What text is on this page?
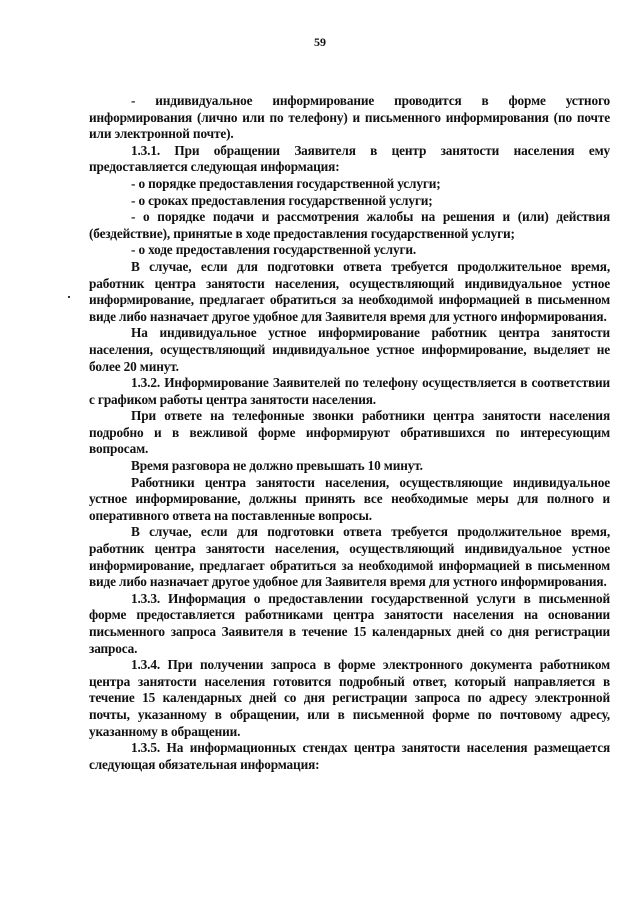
59

- индивидуальное информирование проводится в форме устного информирования (лично или по телефону) и письменного информирования (по почте или электронной почте).

1.3.1. При обращении Заявителя в центр занятости населения ему предоставляется следующая информация:

- о порядке предоставления государственной услуги;

- о сроках предоставления государственной услуги;

- о порядке подачи и рассмотрения жалобы на решения и (или) действия (бездействие), принятые в ходе предоставления государственной услуги;

- о ходе предоставления государственной услуги.

В случае, если для подготовки ответа требуется продолжительное время, работник центра занятости населения, осуществляющий индивидуальное устное информирование, предлагает обратиться за необходимой информацией в письменном виде либо назначает другое удобное для Заявителя время для устного информирования.

На индивидуальное устное информирование работник центра занятости населения, осуществляющий индивидуальное устное информирование, выделяет не более 20 минут.

1.3.2. Информирование Заявителей по телефону осуществляется в соответствии с графиком работы центра занятости населения.

При ответе на телефонные звонки работники центра занятости населения подробно и в вежливой форме информируют обратившихся по интересующим вопросам.

Время разговора не должно превышать 10 минут.

Работники центра занятости населения, осуществляющие индивидуальное устное информирование, должны принять все необходимые меры для полного и оперативного ответа на поставленные вопросы.

В случае, если для подготовки ответа требуется продолжительное время, работник центра занятости населения, осуществляющий индивидуальное устное информирование, предлагает обратиться за необходимой информацией в письменном виде либо назначает другое удобное для Заявителя время для устного информирования.

1.3.3. Информация о предоставлении государственной услуги в письменной форме предоставляется работниками центра занятости населения на основании письменного запроса Заявителя в течение 15 календарных дней со дня регистрации запроса.

1.3.4. При получении запроса в форме электронного документа работником центра занятости населения готовится подробный ответ, который направляется в течение 15 календарных дней со дня регистрации запроса по адресу электронной почты, указанному в обращении, или в письменной форме по почтовому адресу, указанному в обращении.

1.3.5. На информационных стендах центра занятости населения размещается следующая обязательная информация:
